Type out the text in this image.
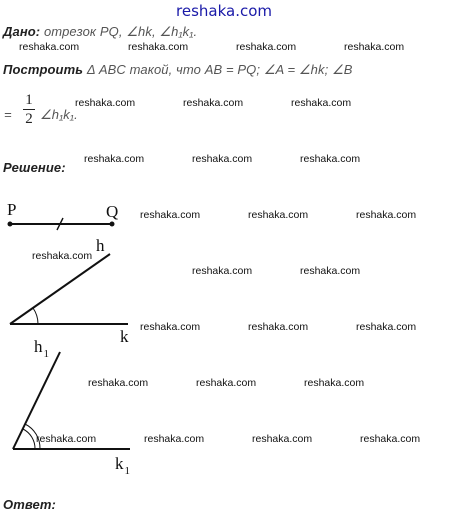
reshaka.com
Дано: отрезок PQ, ∠hk, ∠h₁k₁.
Построить Δ ABC такой, что AB = PQ; ∠A = ∠hk; ∠B
=
1
2 ∠h₁k₁.
Решение:
Ответ:
P	Q
h
k
$h_1$
$k_1$
reshaka.com	reshaka.com	reshaka.com	reshaka.com
reshaka.com	reshaka.com	reshaka.com
reshaka.com	reshaka.com	reshaka.com
reshaka.com	reshaka.com	reshaka.com
reshaka.com
reshaka.com	reshaka.com
reshaka.com	reshaka.com	reshaka.com
reshaka.com	reshaka.com	reshaka.com
reshaka.com	reshaka.com	reshaka.com	reshaka.com
